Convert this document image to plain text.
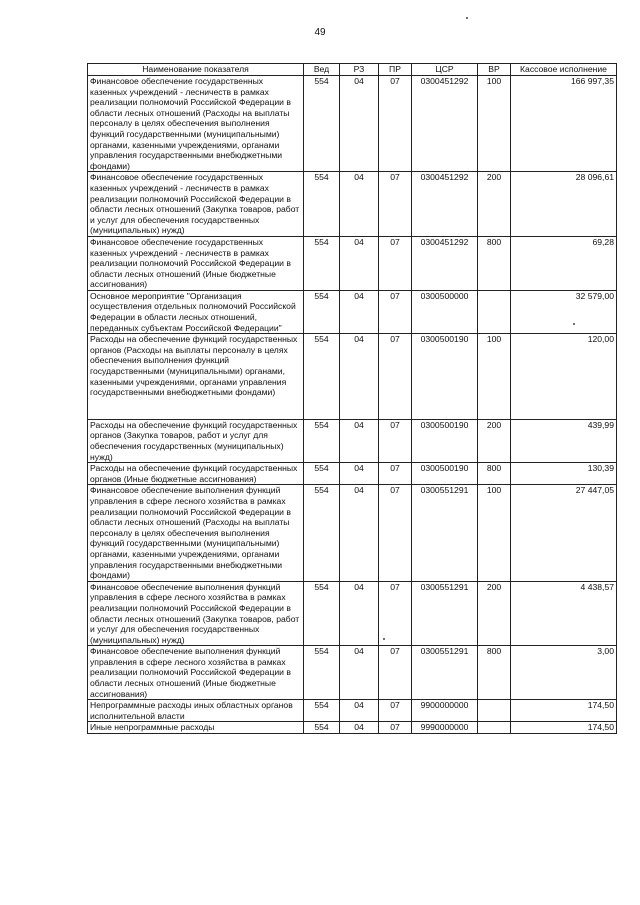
49
Наименование показателя	Вед	РЗ	ПР	ЦСР	ВР	Кассовое исполнение
Финансовое обеспечение государственных казенных учреждений - лесничеств в рамках реализации полномочий Российской Федерации в области лесных отношений (Расходы на выплаты персоналу в целях обеспечения выполнения функций государственными (муниципальными) органами, казенными учреждениями, органами управления государственными внебюджетными фондами)	554	04	07	0300451292	100	166 997,35
Финансовое обеспечение государственных казенных учреждений - лесничеств в рамках реализации полномочий Российской Федерации в области лесных отношений (Закупка товаров, работ и услуг для обеспечения государственных (муниципальных) нужд)	554	04	07	0300451292	200	28 096,61
Финансовое обеспечение государственных казенных учреждений - лесничеств в рамках реализации полномочий Российской Федерации в области лесных отношений (Иные бюджетные ассигнования)	554	04	07	0300451292	800	69,28
Основное мероприятие "Организация осуществления отдельных полномочий Российской Федерации в области лесных отношений, переданных субъектам Российской Федерации"	554	04	07	0300500000		32 579,00
Расходы на обеспечение функций государственных органов (Расходы на выплаты персоналу в целях обеспечения выполнения функций государственными (муниципальными) органами, казенными учреждениями, органами управления государственными внебюджетными фондами)	554	04	07	0300500190	100	120,00
Расходы на обеспечение функций государственных органов (Закупка товаров, работ и услуг для обеспечения государственных (муниципальных) нужд)	554	04	07	0300500190	200	439,99
Расходы на обеспечение функций государственных органов (Иные бюджетные ассигнования)	554	04	07	0300500190	800	130,39
Финансовое обеспечение выполнения функций управления в сфере лесного хозяйства в рамках реализации полномочий Российской Федерации в области лесных отношений (Расходы на выплаты персоналу в целях обеспечения выполнения функций государственными (муниципальными) органами, казенными учреждениями, органами управления государственными внебюджетными фондами)	554	04	07	0300551291	100	27 447,05
Финансовое обеспечение выполнения функций управления в сфере лесного хозяйства в рамках реализации полномочий Российской Федерации в области лесных отношений (Закупка товаров, работ и услуг для обеспечения государственных (муниципальных) нужд)	554	04	07	0300551291	200	4 438,57
Финансовое обеспечение выполнения функций управления в сфере лесного хозяйства в рамках реализации полномочий Российской Федерации в области лесных отношений (Иные бюджетные ассигнования)	554	04	07	0300551291	800	3,00
Непрограммные расходы иных областных органов исполнительной власти	554	04	07	9900000000		174,50
Иные непрограммные расходы	554	04	07	9990000000		174,50
